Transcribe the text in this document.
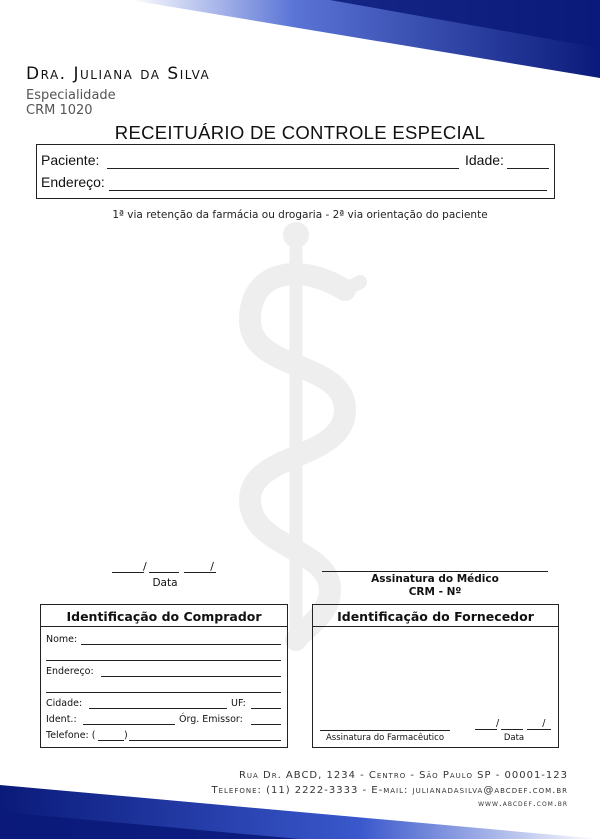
Dra. Juliana da Silva
Especialidade
CRM 1020
RECEITUÁRIO DE CONTROLE ESPECIAL
Paciente:	Idade:
Endereço:
1ª via retenção da farmácia ou drogaria - 2ª via orientação do paciente
/ /
Data	Assinatura do Médico
CRM - Nº
Identificação do Comprador
Nome:
Endereço:
Cidade:	UF:
Ident.:	Órg. Emissor:
Telefone: (	)
Identificação do Fornecedor
Assinatura do Farmacêutico
/ /
Data
Rua Dr. ABCD, 1234 - Centro - São Paulo SP - 00001-123
Telefone: (11) 2222-3333 - E-mail: julianadasilva@abcdef.com.br
www.abcdef.com.br
